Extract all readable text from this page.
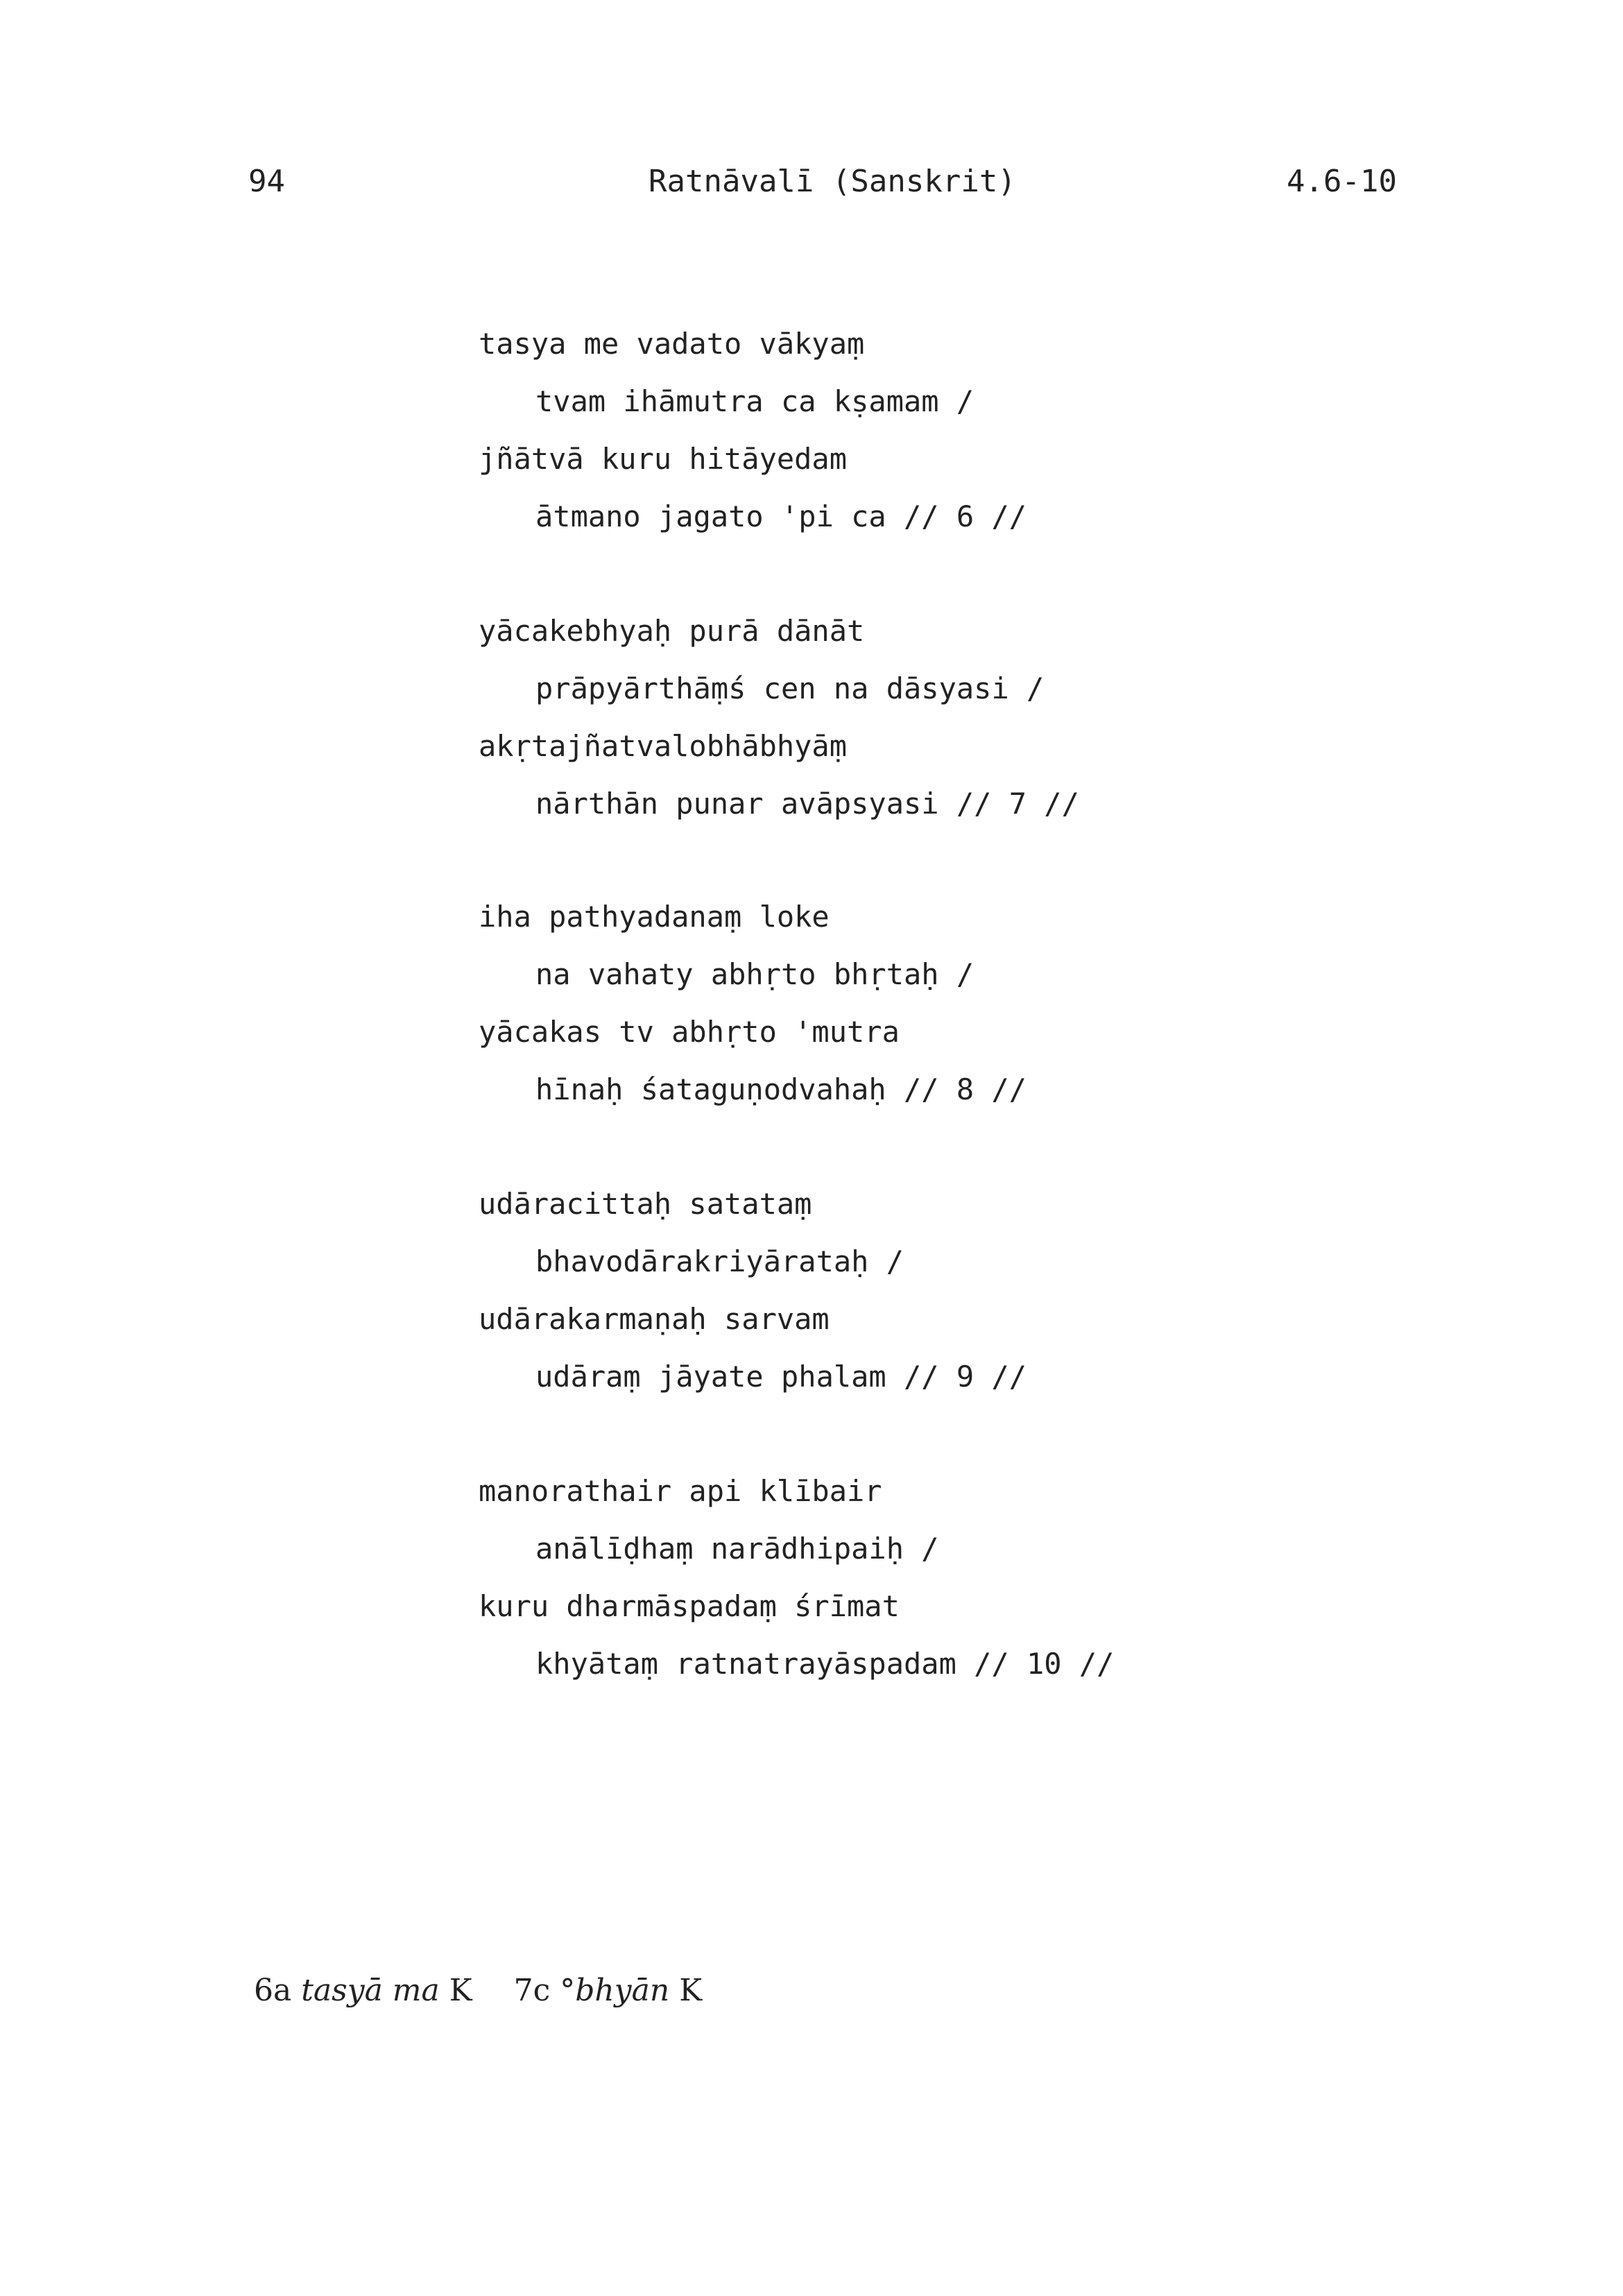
94	Ratnāvalī (Sanskrit)	4.6-10
tasya me vadato vākyaṃ
tvam ihāmutra ca kṣamam /
jñātvā kuru hitāyedam
ātmano jagato 'pi ca // 6 //
yācakebhyaḥ purā dānāt
prāpyārthāṃś cen na dāsyasi /
akṛtajñatvalobhābhyāṃ
nārthān punar avāpsyasi // 7 //
iha pathyadanaṃ loke
na vahaty abhṛto bhṛtaḥ /
yācakas tv abhṛto 'mutra
hīnaḥ śataguṇodvahaḥ // 8 //
udāracittaḥ satataṃ
bhavodārakriyārataḥ /
udārakarmaṇaḥ sarvam
udāraṃ jāyate phalam // 9 //
manorathair api klībair
anālīḍhaṃ narādhipaiḥ /
kuru dharmāspadaṃ śrīmat
khyātaṃ ratnatrayāspadam // 10 //

6a tasyā ma K 7c °bhyān K
